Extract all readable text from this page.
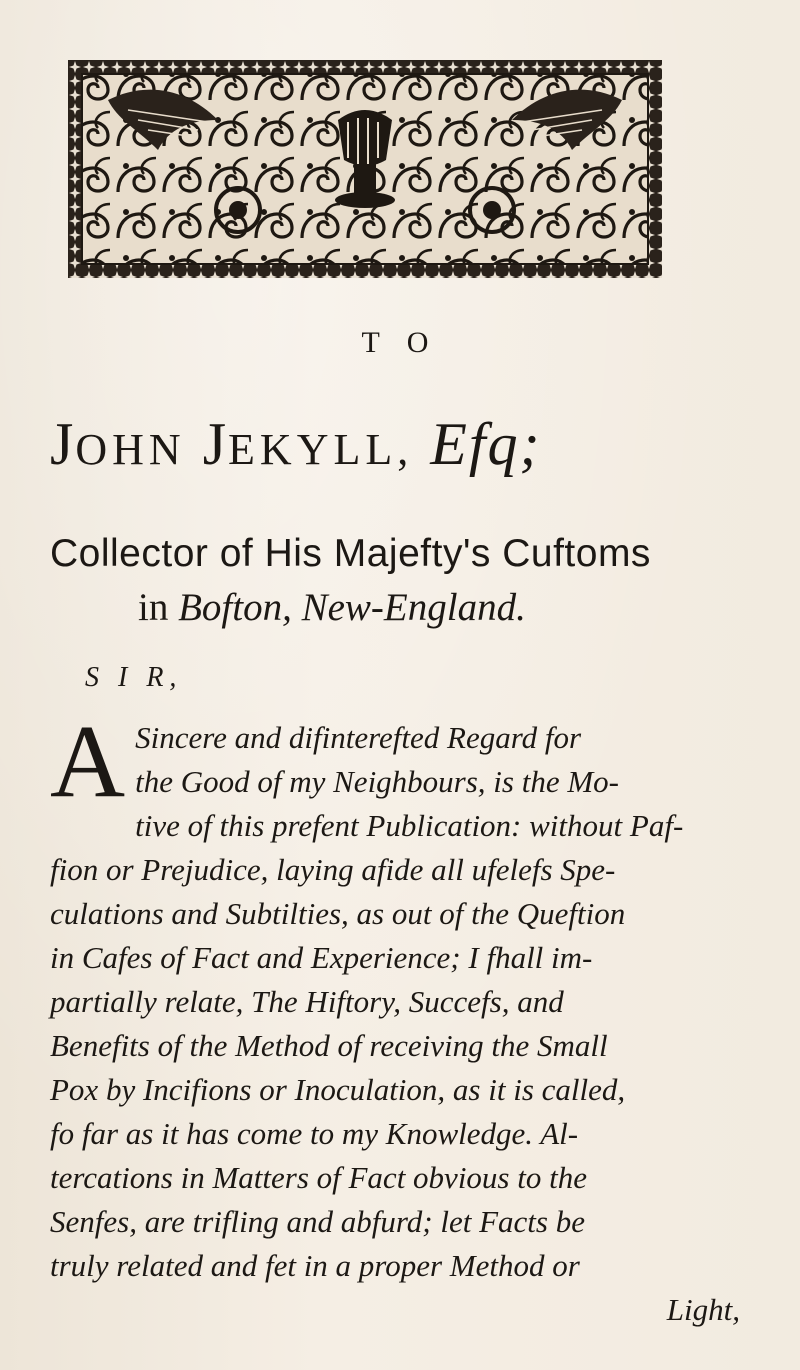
T O
JOHN JEKYLL, Efq;
Collector of His Majefty's Cuftoms
in Bofton, New-England.
S I R,
A Sincere and difinterefted Regard for
the Good of my Neighbours, is the Mo-
tive of this prefent Publication: without Paf-
fion or Prejudice, laying afide all ufelefs Spe-
culations and Subtilties, as out of the Queftion
in Cafes of Fact and Experience; I fhall im-
partially relate, The Hiftory, Succefs, and
Benefits of the Method of receiving the Small
Pox by Incifions or Inoculation, as it is called,
fo far as it has come to my Knowledge. Al-
tercations in Matters of Fact obvious to the
Senfes, are trifling and abfurd; let Facts be
truly related and fet in a proper Method or
Light,
